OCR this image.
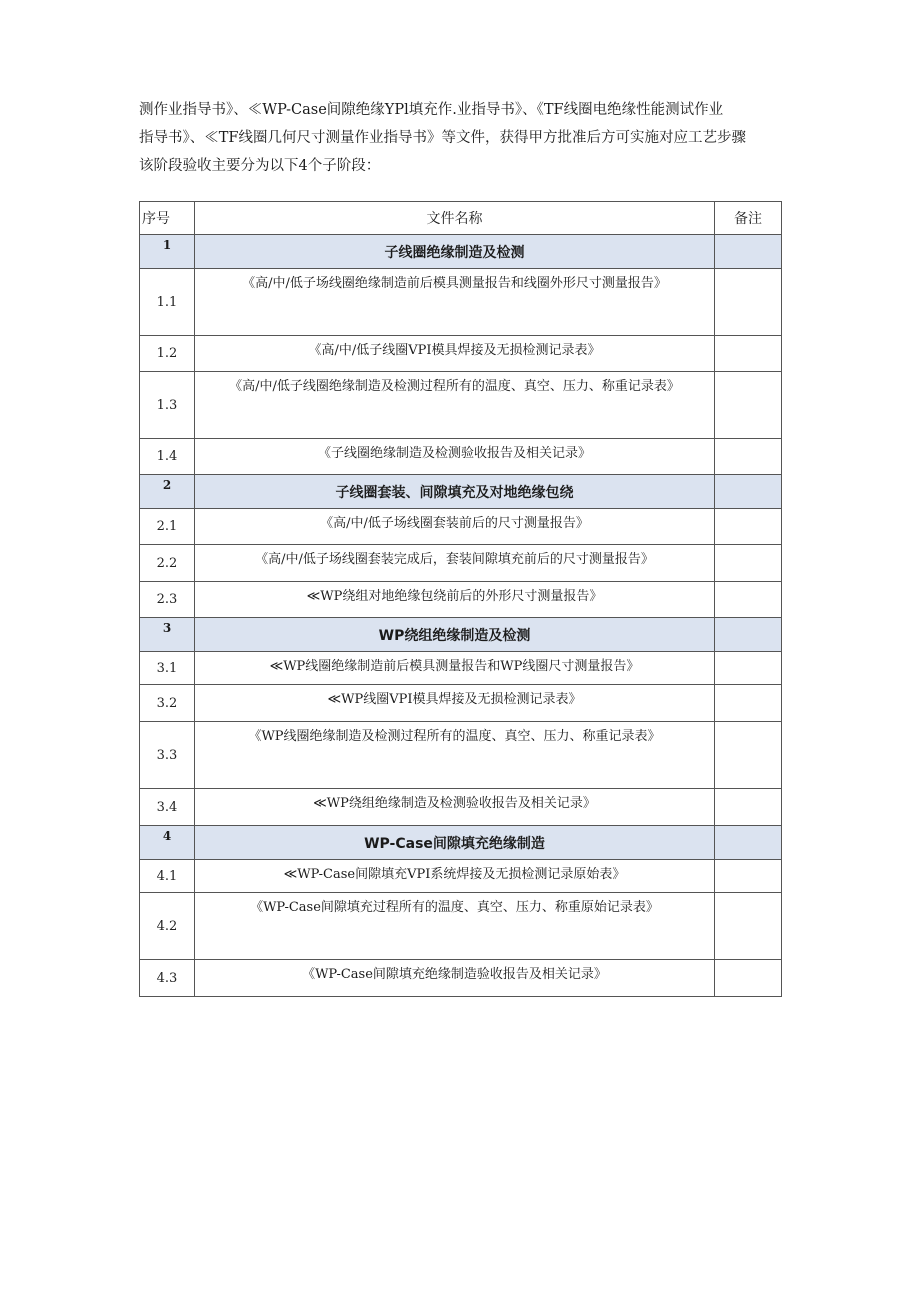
测作业指导书》、≪WP-Case间隙绝缘YPl填充作.业指导书》、《TF线圈电绝缘性能测试作业

指导书》、≪TF线圈几何尺寸测量作业指导书》等文件，获得甲方批准后方可实施对应工艺步骤

该阶段验收主要分为以下4个子阶段：

序号	文件名称	备注
1	子线圈绝缘制造及检测	
1.1	《高/中/低子场线圈绝缘制造前后模具测量报告和线圈外形尺寸测量报告》	
1.2	《高/中/低子线圈VPI模具焊接及无损检测记录表》	
1.3	《高/中/低子线圈绝缘制造及检测过程所有的温度、真空、压力、称重记录表》	
1.4	《子线圈绝缘制造及检测验收报告及相关记录》	
2	子线圈套装、间隙填充及对地绝缘包绕	
2.1	《高/中/低子场线圈套装前后的尺寸测量报告》	
2.2	《高/中/低子场线圈套装完成后，套装间隙填充前后的尺寸测量报告》	
2.3	≪WP绕组对地绝缘包绕前后的外形尺寸测量报告》	
3	WP绕组绝缘制造及检测	
3.1	≪WP线圈绝缘制造前后模具测量报告和WP线圈尺寸测量报告》	
3.2	≪WP线圈VPI模具焊接及无损检测记录表》	
3.3	《WP线圈绝缘制造及检测过程所有的温度、真空、压力、称重记录表》	
3.4	≪WP绕组绝缘制造及检测验收报告及相关记录》	
4	WP-Case间隙填充绝缘制造	
4.1	≪WP-Case间隙填充VPI系统焊接及无损检测记录原始表》	
4.2	《WP-Case间隙填充过程所有的温度、真空、压力、称重原始记录表》	
4.3	《WP-Case间隙填充绝缘制造验收报告及相关记录》	
